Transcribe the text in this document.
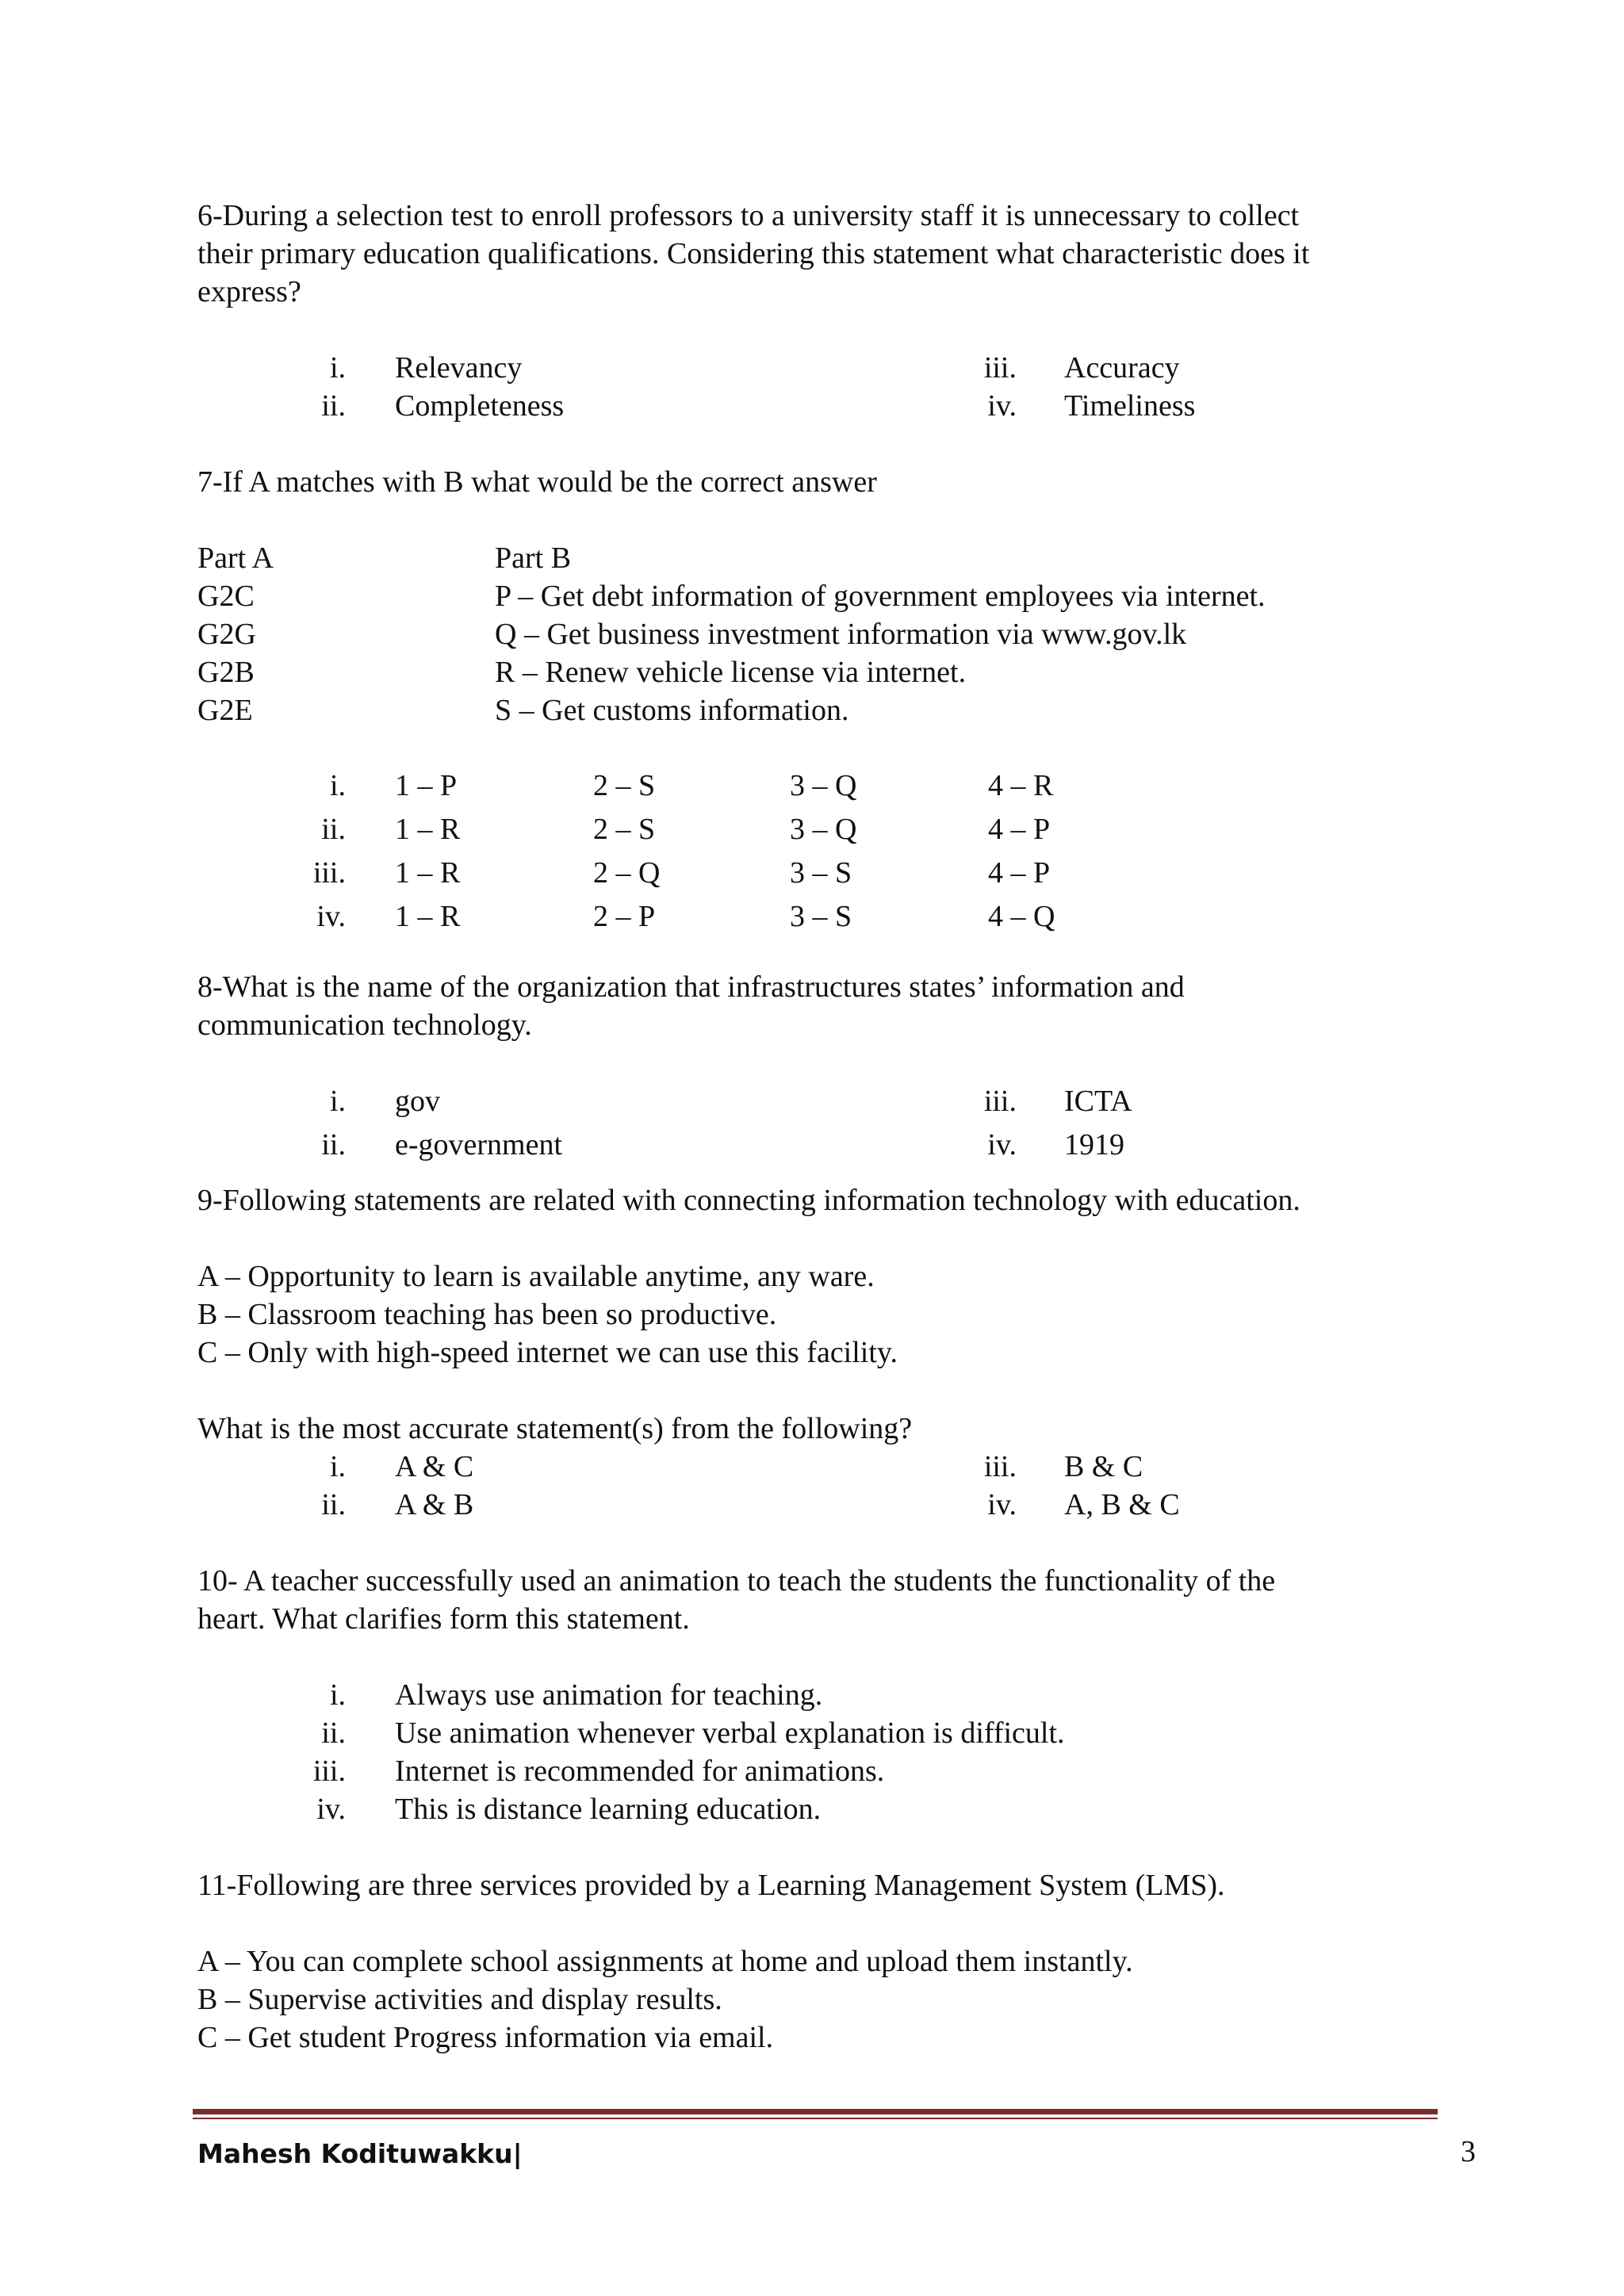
6-During a selection test to enroll professors to a university staff it is unnecessary to collect

their primary education qualifications. Considering this statement what characteristic does it

express?

i. Relevancy
ii. Completeness
iii. Accuracy
iv. Timeliness

7-If A matches with B what would be the correct answer

Part A	Part B
G2C	P – Get debt information of government employees via internet.
G2G	Q – Get business investment information via www.gov.lk
G2B	R – Renew vehicle license via internet.
G2E	S – Get customs information.
i. 1 – P	2 – S	3 – Q	4 – R
ii. 1 – R	2 – S	3 – Q	4 – P
iii. 1 – R	2 – Q	3 – S	4 – P
iv. 1 – R	2 – P	3 – S	4 – Q

8-What is the name of the organization that infrastructures states’ information and

communication technology.

i. gov
ii. e-government
iii. ICTA
iv. 1919

9-Following statements are related with connecting information technology with education.

A – Opportunity to learn is available anytime, any ware.

B – Classroom teaching has been so productive.

C – Only with high-speed internet we can use this facility.

What is the most accurate statement(s) from the following?

i. A & C
ii. A & B
iii. B & C
iv. A, B & C

10- A teacher successfully used an animation to teach the students the functionality of the

heart. What clarifies form this statement.

i. Always use animation for teaching.
ii. Use animation whenever verbal explanation is difficult.
iii. Internet is recommended for animations.
iv. This is distance learning education.

11-Following are three services provided by a Learning Management System (LMS).

A – You can complete school assignments at home and upload them instantly.

B – Supervise activities and display results.

C – Get student Progress information via email.

Mahesh Kodituwakku|	3
